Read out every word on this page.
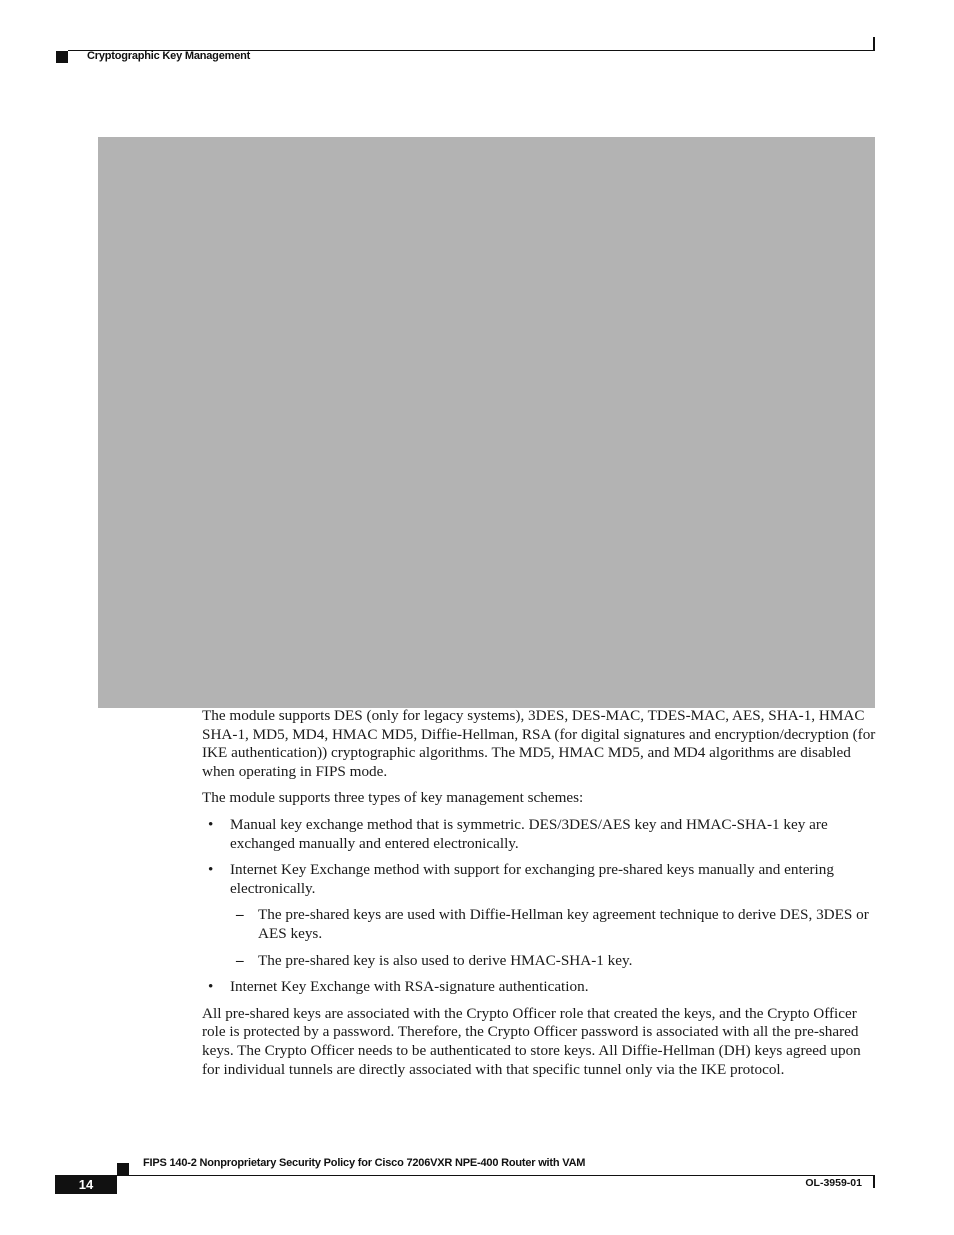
Cryptographic Key Management

The module supports DES (only for legacy systems), 3DES, DES-MAC, TDES-MAC, AES, SHA-1, HMAC SHA-1, MD5, MD4, HMAC MD5, Diffie-Hellman, RSA (for digital signatures and encryption/decryption (for IKE authentication)) cryptographic algorithms. The MD5, HMAC MD5, and MD4 algorithms are disabled when operating in FIPS mode.

The module supports three types of key management schemes:

• Manual key exchange method that is symmetric. DES/3DES/AES key and HMAC-SHA-1 key are exchanged manually and entered electronically.
• Internet Key Exchange method with support for exchanging pre-shared keys manually and entering electronically.
– The pre-shared keys are used with Diffie-Hellman key agreement technique to derive DES, 3DES or AES keys.
– The pre-shared key is also used to derive HMAC-SHA-1 key.
• Internet Key Exchange with RSA-signature authentication.

All pre-shared keys are associated with the Crypto Officer role that created the keys, and the Crypto Officer role is protected by a password. Therefore, the Crypto Officer password is associated with all the pre-shared keys. The Crypto Officer needs to be authenticated to store keys. All Diffie-Hellman (DH) keys agreed upon for individual tunnels are directly associated with that specific tunnel only via the IKE protocol.

FIPS 140-2 Nonproprietary Security Policy for Cisco 7206VXR NPE-400 Router with VAM
14	OL-3959-01
